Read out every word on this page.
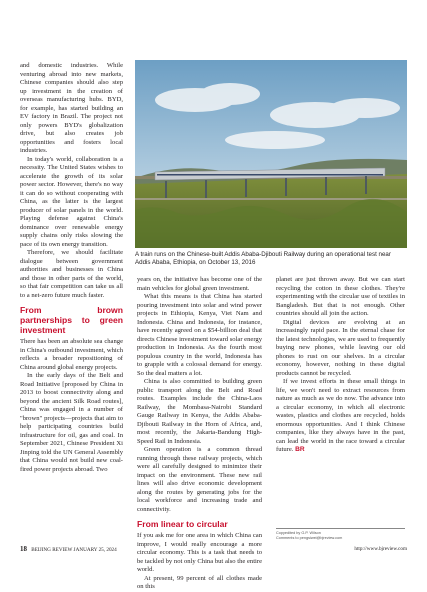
and domestic industries. While venturing abroad into new markets, Chinese companies should also step up investment in the creation of overseas manufacturing hubs. BYD, for example, has started building an EV factory in Brazil. The project not only powers BYD's globalization drive, but also creates job opportunities and fosters local industries.

In today's world, collaboration is a necessity. The United States wishes to accelerate the growth of its solar power sector. However, there's no way it can do so without cooperating with China, as the latter is the largest producer of solar panels in the world. Playing defense against China's dominance over renewable energy supply chains only risks slowing the pace of its own energy transition.

Therefore, we should facilitate dialogue between government authorities and businesses in China and those in other parts of the world, so that fair competition can take us all to a net-zero future much faster.

From brown partnerships to green investment

There has been an absolute sea change in China's outbound investment, which reflects a broader repositioning of China around global energy projects.

In the early days of the Belt and Road Initiative [proposed by China in 2013 to boost connectivity along and beyond the ancient Silk Road routes], China was engaged in a number of "brown" projects—projects that aim to help participating countries build infrastructure for oil, gas and coal. In September 2021, Chinese President Xi Jinping told the UN General Assembly that China would not build new coal-fired power projects abroad. Two

A train runs on the Chinese-built Addis Ababa-Djibouti Railway during an operational test near Addis Ababa, Ethiopia, on October 13, 2016

years on, the initiative has become one of the main vehicles for global green investment.

What this means is that China has started pouring investment into solar and wind power projects in Ethiopia, Kenya, Viet Nam and Indonesia. China and Indonesia, for instance, have recently agreed on a $54-billion deal that directs Chinese investment toward solar energy production in Indonesia. As the fourth most populous country in the world, Indonesia has to grapple with a colossal demand for energy. So the deal matters a lot.

China is also committed to building green public transport along the Belt and Road routes. Examples include the China-Laos Railway, the Mombasa-Nairobi Standard Gauge Railway in Kenya, the Addis Ababa-Djibouti Railway in the Horn of Africa, and, most recently, the Jakarta-Bandung High-Speed Rail in Indonesia.

Green operation is a common thread running through these railway projects, which were all carefully designed to minimize their impact on the environment. These new rail lines will also drive economic development along the routes by generating jobs for the local workforce and increasing trade and connectivity.

From linear to circular

If you ask me for one area in which China can improve, I would really encourage a more circular economy. This is a task that needs to be tackled by not only China but also the entire world.

At present, 99 percent of all clothes made on this

planet are just thrown away. But we can start recycling the cotton in these clothes. They're experimenting with the circular use of textiles in Bangladesh. But that is not enough. Other countries should all join the action.

Digital devices are evolving at an increasingly rapid pace. In the eternal chase for the latest technologies, we are used to frequently buying new phones, while leaving our old phones to rust on our shelves. In a circular economy, however, nothing in these digital products cannot be recycled.

If we invest efforts in these small things in life, we won't need to extract resources from nature as much as we do now. The advance into a circular economy, in which all electronic wastes, plastics and clothes are recycled, holds enormous opportunities. And I think Chinese companies, like they always have in the past, can lead the world in the race toward a circular future. BR

Copyedited by G.P. Wilson
Comments to pengsiwei@bjreview.com
18 BEIJING REVIEW JANUARY 25, 2024	http://www.bjreview.com
